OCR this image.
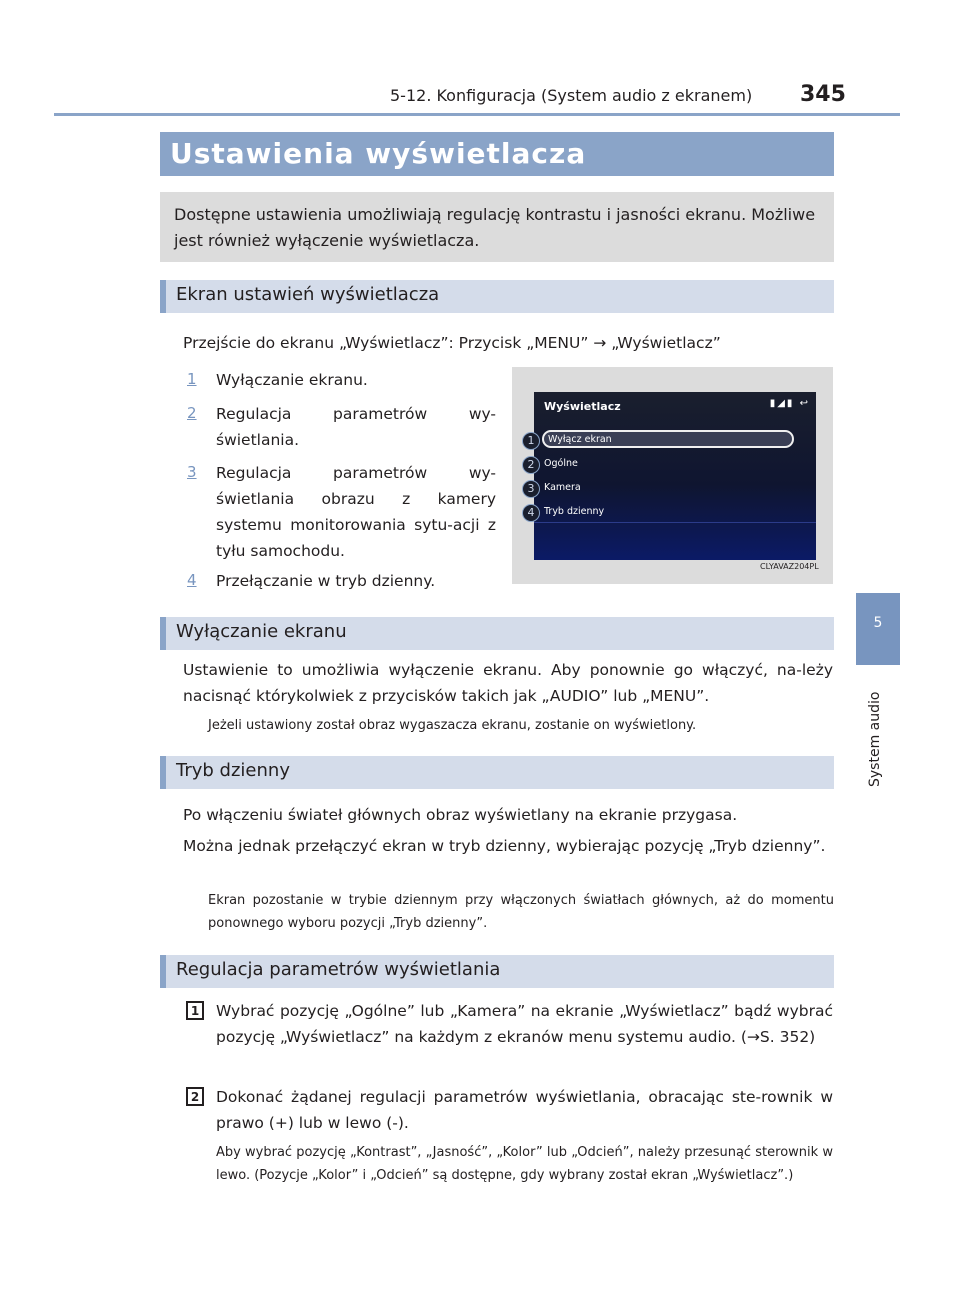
5-12. Konfiguracja (System audio z ekranem) 345
5
System audio
Ustawienia wyświetlacza
Dostępne ustawienia umożliwiają regulację kontrastu i jasności ekranu. Możliwe jest również wyłączenie wyświetlacza.
Ekran ustawień wyświetlacza
Przejście do ekranu „Wyświetlacz”: Przycisk „MENU” → „Wyświetlacz”
1	Wyłączanie ekranu.
2	Regulacja parametrów wy-świetlania.
3	Regulacja parametrów wy-świetlania obrazu z kamery systemu monitorowania sytu-acji z tyłu samochodu.
4	Przełączanie w tryb dzienny.
Wyświetlacz	▮◢▮ ↩
Wyłącz ekran
Ogólne
Kamera
Tryb dzienny
1
2
3
4
CLYAVAZ204PL
Wyłączanie ekranu
Ustawienie to umożliwia wyłączenie ekranu. Aby ponownie go włączyć, na-leży nacisnąć którykolwiek z przycisków takich jak „AUDIO” lub „MENU”.
Jeżeli ustawiony został obraz wygaszacza ekranu, zostanie on wyświetlony.
Tryb dzienny
Po włączeniu świateł głównych obraz wyświetlany na ekranie przygasa.
Można jednak przełączyć ekran w tryb dzienny, wybierając pozycję „Tryb dzienny”.
Ekran pozostanie w trybie dziennym przy włączonych światłach głównych, aż do momentu ponownego wyboru pozycji „Tryb dzienny”.
Regulacja parametrów wyświetlania
1	Wybrać pozycję „Ogólne” lub „Kamera” na ekranie „Wyświetlacz” bądź wybrać pozycję „Wyświetlacz” na każdym z ekranów menu systemu audio. (→S. 352)
2	Dokonać żądanej regulacji parametrów wyświetlania, obracając ste-rownik w prawo (+) lub w lewo (-).
Aby wybrać pozycję „Kontrast”, „Jasność”, „Kolor” lub „Odcień”, należy przesunąć sterownik w lewo. (Pozycje „Kolor” i „Odcień” są dostępne, gdy wybrany został ekran „Wyświetlacz”.)
